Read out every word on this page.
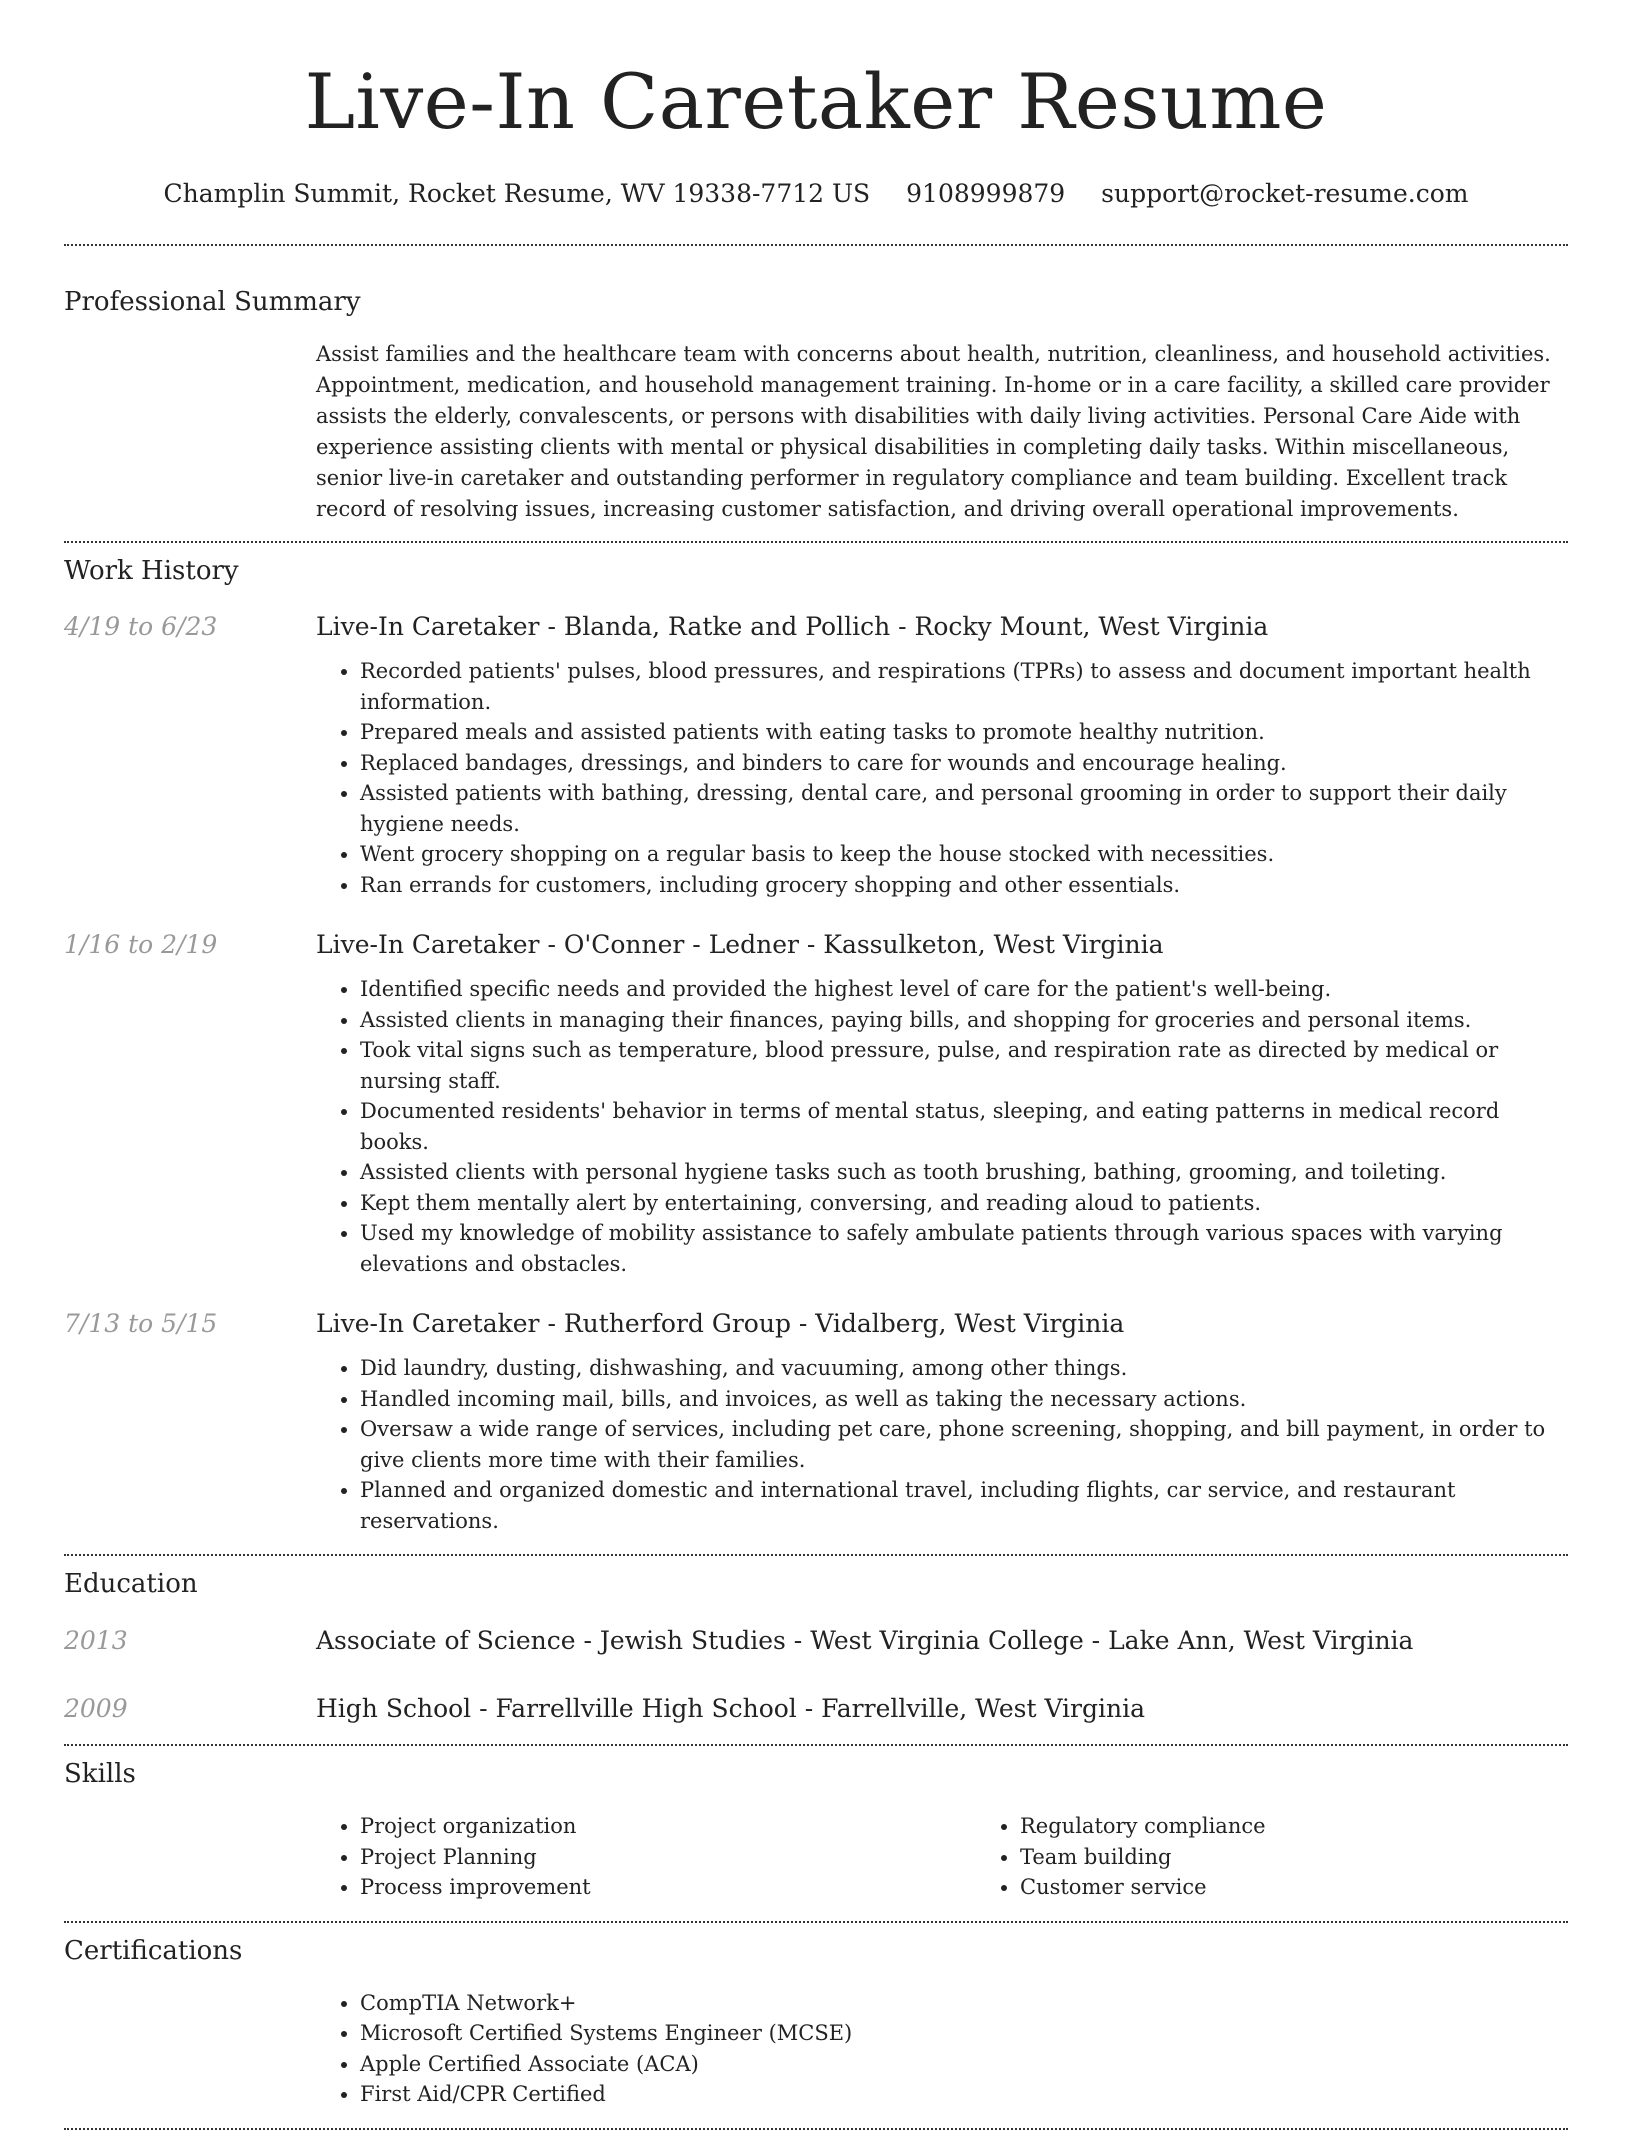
Live-In Caretaker Resume
Champlin Summit, Rocket Resume, WV 19338-7712 US 9108999879 support@rocket-resume.com
Professional Summary

Assist families and the healthcare team with concerns about health, nutrition, cleanliness, and household activities. Appointment, medication, and household management training. In-home or in a care facility, a skilled care provider assists the elderly, convalescents, or persons with disabilities with daily living activities. Personal Care Aide with experience assisting clients with mental or physical disabilities in completing daily tasks. Within miscellaneous, senior live-in caretaker and outstanding performer in regulatory compliance and team building. Excellent track record of resolving issues, increasing customer satisfaction, and driving overall operational improvements.

Work History
4/19 to 6/23	Live-In Caretaker - Blanda, Ratke and Pollich - Rocky Mount, West Virginia
• Recorded patients' pulses, blood pressures, and respirations (TPRs) to assess and document important health information.
• Prepared meals and assisted patients with eating tasks to promote healthy nutrition.
• Replaced bandages, dressings, and binders to care for wounds and encourage healing.
• Assisted patients with bathing, dressing, dental care, and personal grooming in order to support their daily hygiene needs.
• Went grocery shopping on a regular basis to keep the house stocked with necessities.
• Ran errands for customers, including grocery shopping and other essentials.
1/16 to 2/19	Live-In Caretaker - O'Conner - Ledner - Kassulketon, West Virginia
• Identified specific needs and provided the highest level of care for the patient's well-being.
• Assisted clients in managing their finances, paying bills, and shopping for groceries and personal items.
• Took vital signs such as temperature, blood pressure, pulse, and respiration rate as directed by medical or nursing staff.
• Documented residents' behavior in terms of mental status, sleeping, and eating patterns in medical record books.
• Assisted clients with personal hygiene tasks such as tooth brushing, bathing, grooming, and toileting.
• Kept them mentally alert by entertaining, conversing, and reading aloud to patients.
• Used my knowledge of mobility assistance to safely ambulate patients through various spaces with varying elevations and obstacles.
7/13 to 5/15	Live-In Caretaker - Rutherford Group - Vidalberg, West Virginia
• Did laundry, dusting, dishwashing, and vacuuming, among other things.
• Handled incoming mail, bills, and invoices, as well as taking the necessary actions.
• Oversaw a wide range of services, including pet care, phone screening, shopping, and bill payment, in order to give clients more time with their families.
• Planned and organized domestic and international travel, including flights, car service, and restaurant reservations.
Education
2013	Associate of Science - Jewish Studies - West Virginia College - Lake Ann, West Virginia
2009	High School - Farrellville High School - Farrellville, West Virginia
Skills
• Project organization
• Project Planning
• Process improvement
• Regulatory compliance
• Team building
• Customer service
Certifications
• CompTIA Network+
• Microsoft Certified Systems Engineer (MCSE)
• Apple Certified Associate (ACA)
• First Aid/CPR Certified
